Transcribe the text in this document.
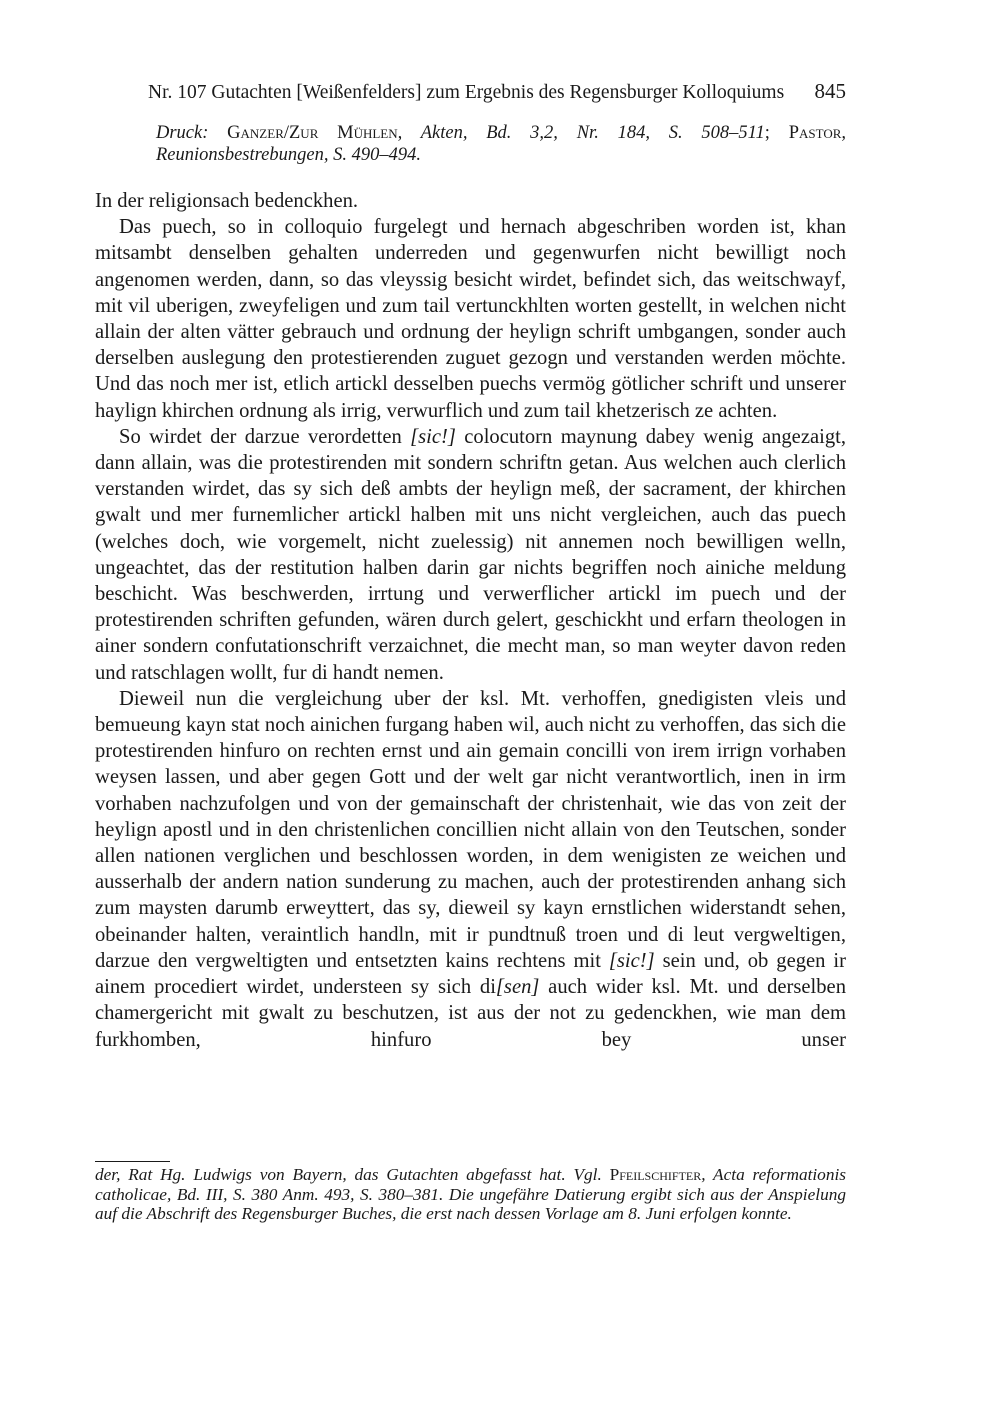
Nr. 107 Gutachten [Weißenfelders] zum Ergebnis des Regensburger Kolloquiums 845
Druck: Ganzer/Zur Mühlen, Akten, Bd. 3,2, Nr. 184, S. 508–511; Pastor, Reunionsbestrebungen, S. 490–494.

In der religionsach bedenckhen.

Das puech, so in colloquio furgelegt und hernach abgeschriben worden ist, khan mitsambt denselben gehalten underreden und gegenwurfen nicht bewilligt noch angenomen werden, dann, so das vleyssig besicht wirdet, befindet sich, das weitschwayf, mit vil uberigen, zweyfeligen und zum tail vertunckhlten worten gestellt, in welchen nicht allain der alten vätter gebrauch und ordnung der heylign schrift umbgangen, sonder auch derselben auslegung den protestierenden zuguet gezogn und verstanden werden möchte. Und das noch mer ist, etlich artickl desselben puechs vermög götlicher schrift und unserer haylign khirchen ordnung als irrig, verwurflich und zum tail khetzerisch ze achten.

So wirdet der darzue verordetten [sic!] colocutorn maynung dabey wenig angezaigt, dann allain, was die protestirenden mit sondern schriftn getan. Aus welchen auch clerlich verstanden wirdet, das sy sich deß ambts der heylign meß, der sacrament, der khirchen gwalt und mer furnemlicher artickl halben mit uns nicht vergleichen, auch das puech (welches doch, wie vorgemelt, nicht zuelessig) nit annemen noch bewilligen welln, ungeachtet, das der restitution halben darin gar nichts begriffen noch ainiche meldung beschicht. Was beschwerden, irrtung und verwerflicher artickl im puech und der protestirenden schriften gefunden, wären durch gelert, geschickht und erfarn theologen in ainer sondern confutationschrift verzaichnet, die mecht man, so man weyter davon reden und ratschlagen wollt, fur di handt nemen.

Dieweil nun die vergleichung uber der ksl. Mt. verhoffen, gnedigisten vleis und bemueung kayn stat noch ainichen furgang haben wil, auch nicht zu verhoffen, das sich die protestirenden hinfuro on rechten ernst und ain gemain concilli von irem irrign vorhaben weysen lassen, und aber gegen Gott und der welt gar nicht verantwortlich, inen in irm vorhaben nachzufolgen und von der gemainschaft der christenhait, wie das von zeit der heylign apostl und in den christenlichen concillien nicht allain von den Teutschen, sonder allen nationen verglichen und beschlossen worden, in dem wenigisten ze weichen und ausserhalb der andern nation sunderung zu machen, auch der protestirenden anhang sich zum maysten darumb erweyttert, das sy, dieweil sy kayn ernstlichen widerstandt sehen, obeinander halten, veraintlich handln, mit ir pundtnuß troen und di leut vergweltigen, darzue den vergweltigten und entsetzten kains rechtens mit [sic!] sein und, ob gegen ir ainem procediert wirdet, understeen sy sich di[sen] auch wider ksl. Mt. und derselben chamergericht mit gwalt zu beschutzen, ist aus der not zu gedenckhen, wie man dem furkhomben, hinfuro bey unser

der, Rat Hg. Ludwigs von Bayern, das Gutachten abgefasst hat. Vgl. Pfeilschifter, Acta reformationis catholicae, Bd. III, S. 380 Anm. 493, S. 380–381. Die ungefähre Datierung ergibt sich aus der Anspielung auf die Abschrift des Regensburger Buches, die erst nach dessen Vorlage am 8. Juni erfolgen konnte.
